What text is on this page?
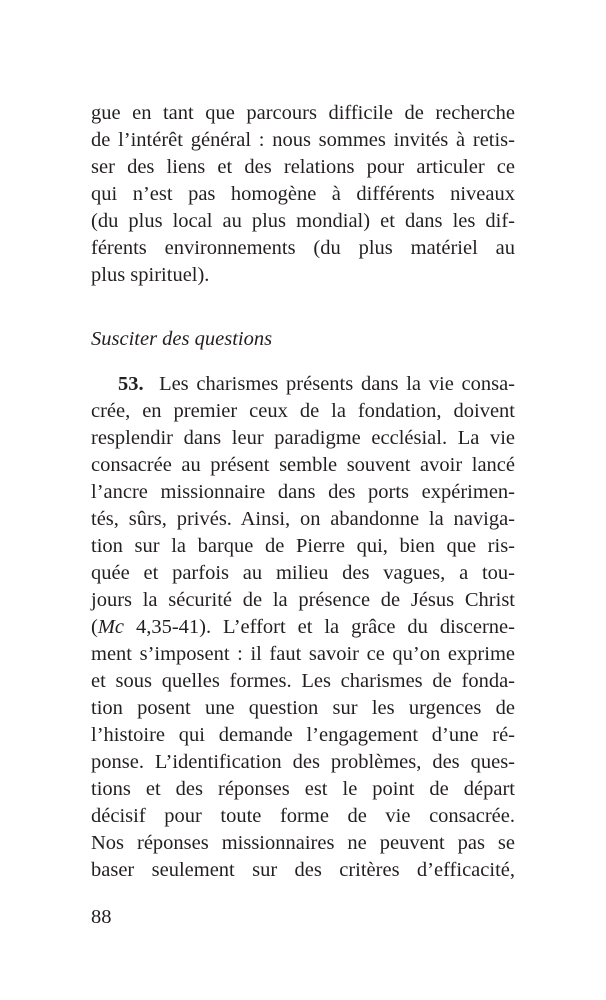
gue en tant que parcours difficile de recherche
de l’intérêt général : nous sommes invités à retis-
ser des liens et des relations pour articuler ce
qui n’est pas homogène à différents niveaux
(du plus local au plus mondial) et dans les dif-
férents environnements (du plus matériel au
plus spirituel).
Susciter des questions
53. Les charismes présents dans la vie consa-
crée, en premier ceux de la fondation, doivent
resplendir dans leur paradigme ecclésial. La vie
consacrée au présent semble souvent avoir lancé
l’ancre missionnaire dans des ports expérimen-
tés, sûrs, privés. Ainsi, on abandonne la naviga-
tion sur la barque de Pierre qui, bien que ris-
quée et parfois au milieu des vagues, a tou-
jours la sécurité de la présence de Jésus Christ
(Mc 4,35-41). L’effort et la grâce du discerne-
ment s’imposent : il faut savoir ce qu’on exprime
et sous quelles formes. Les charismes de fonda-
tion posent une question sur les urgences de
l’histoire qui demande l’engagement d’une ré-
ponse. L’identification des problèmes, des ques-
tions et des réponses est le point de départ
décisif pour toute forme de vie consacrée.
Nos réponses missionnaires ne peuvent pas se
baser seulement sur des critères d’efficacité,
88
